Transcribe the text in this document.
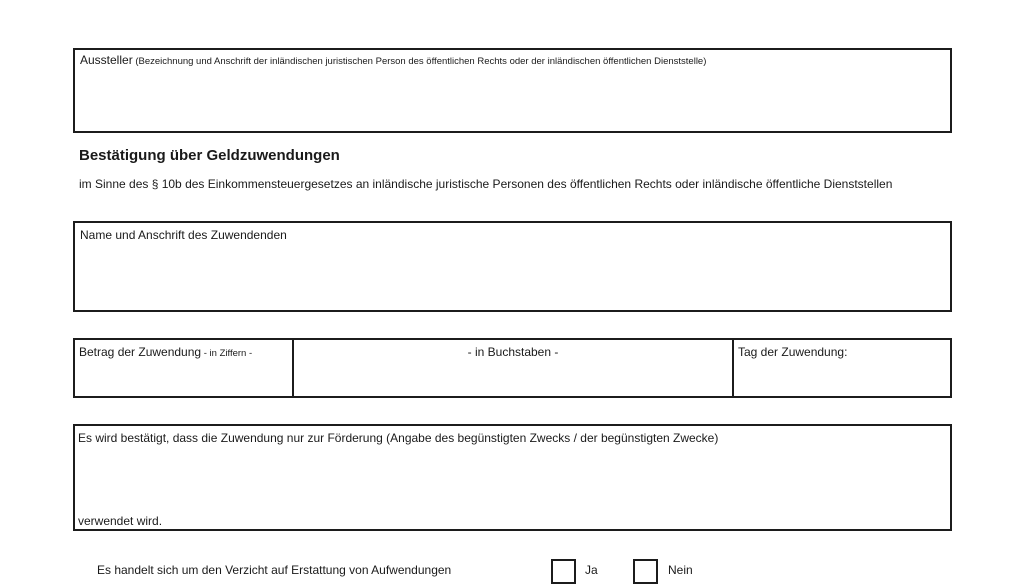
Aussteller (Bezeichnung und Anschrift der inländischen juristischen Person des öffentlichen Rechts oder der inländischen öffentlichen Dienststelle)
Bestätigung über Geldzuwendungen
im Sinne des § 10b des Einkommensteuergesetzes an inländische juristische Personen des öffentlichen Rechts oder inländische öffentliche Dienststellen
Name und Anschrift des Zuwendenden
Betrag der Zuwendung - in Ziffern -	- in Buchstaben -	Tag der Zuwendung:
Es wird bestätigt, dass die Zuwendung nur zur Förderung (Angabe des begünstigten Zwecks / der begünstigten Zwecke)
verwendet wird.
Es handelt sich um den Verzicht auf Erstattung von Aufwendungen	Ja	Nein
